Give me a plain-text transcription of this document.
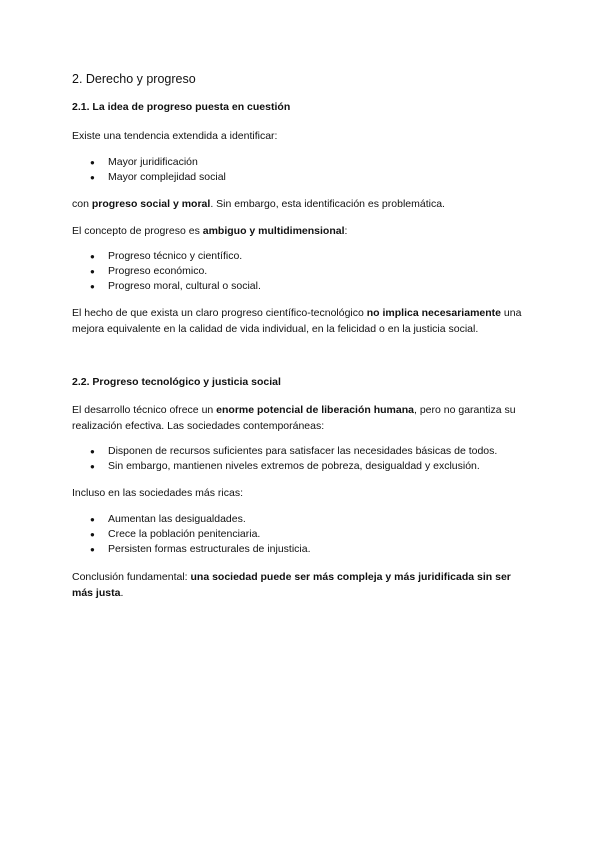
2. Derecho y progreso
2.1. La idea de progreso puesta en cuestión

Existe una tendencia extendida a identificar:

● Mayor juridificación
● Mayor complejidad social

con progreso social y moral. Sin embargo, esta identificación es problemática.

El concepto de progreso es ambiguo y multidimensional:

● Progreso técnico y científico.
● Progreso económico.
● Progreso moral, cultural o social.

El hecho de que exista un claro progreso científico-tecnológico no implica necesariamente una mejora equivalente en la calidad de vida individual, en la felicidad o en la justicia social.

2.2. Progreso tecnológico y justicia social

El desarrollo técnico ofrece un enorme potencial de liberación humana, pero no garantiza su realización efectiva. Las sociedades contemporáneas:

● Disponen de recursos suficientes para satisfacer las necesidades básicas de todos.
● Sin embargo, mantienen niveles extremos de pobreza, desigualdad y exclusión.

Incluso en las sociedades más ricas:

● Aumentan las desigualdades.
● Crece la población penitenciaria.
● Persisten formas estructurales de injusticia.

Conclusión fundamental: una sociedad puede ser más compleja y más juridificada sin ser más justa.
